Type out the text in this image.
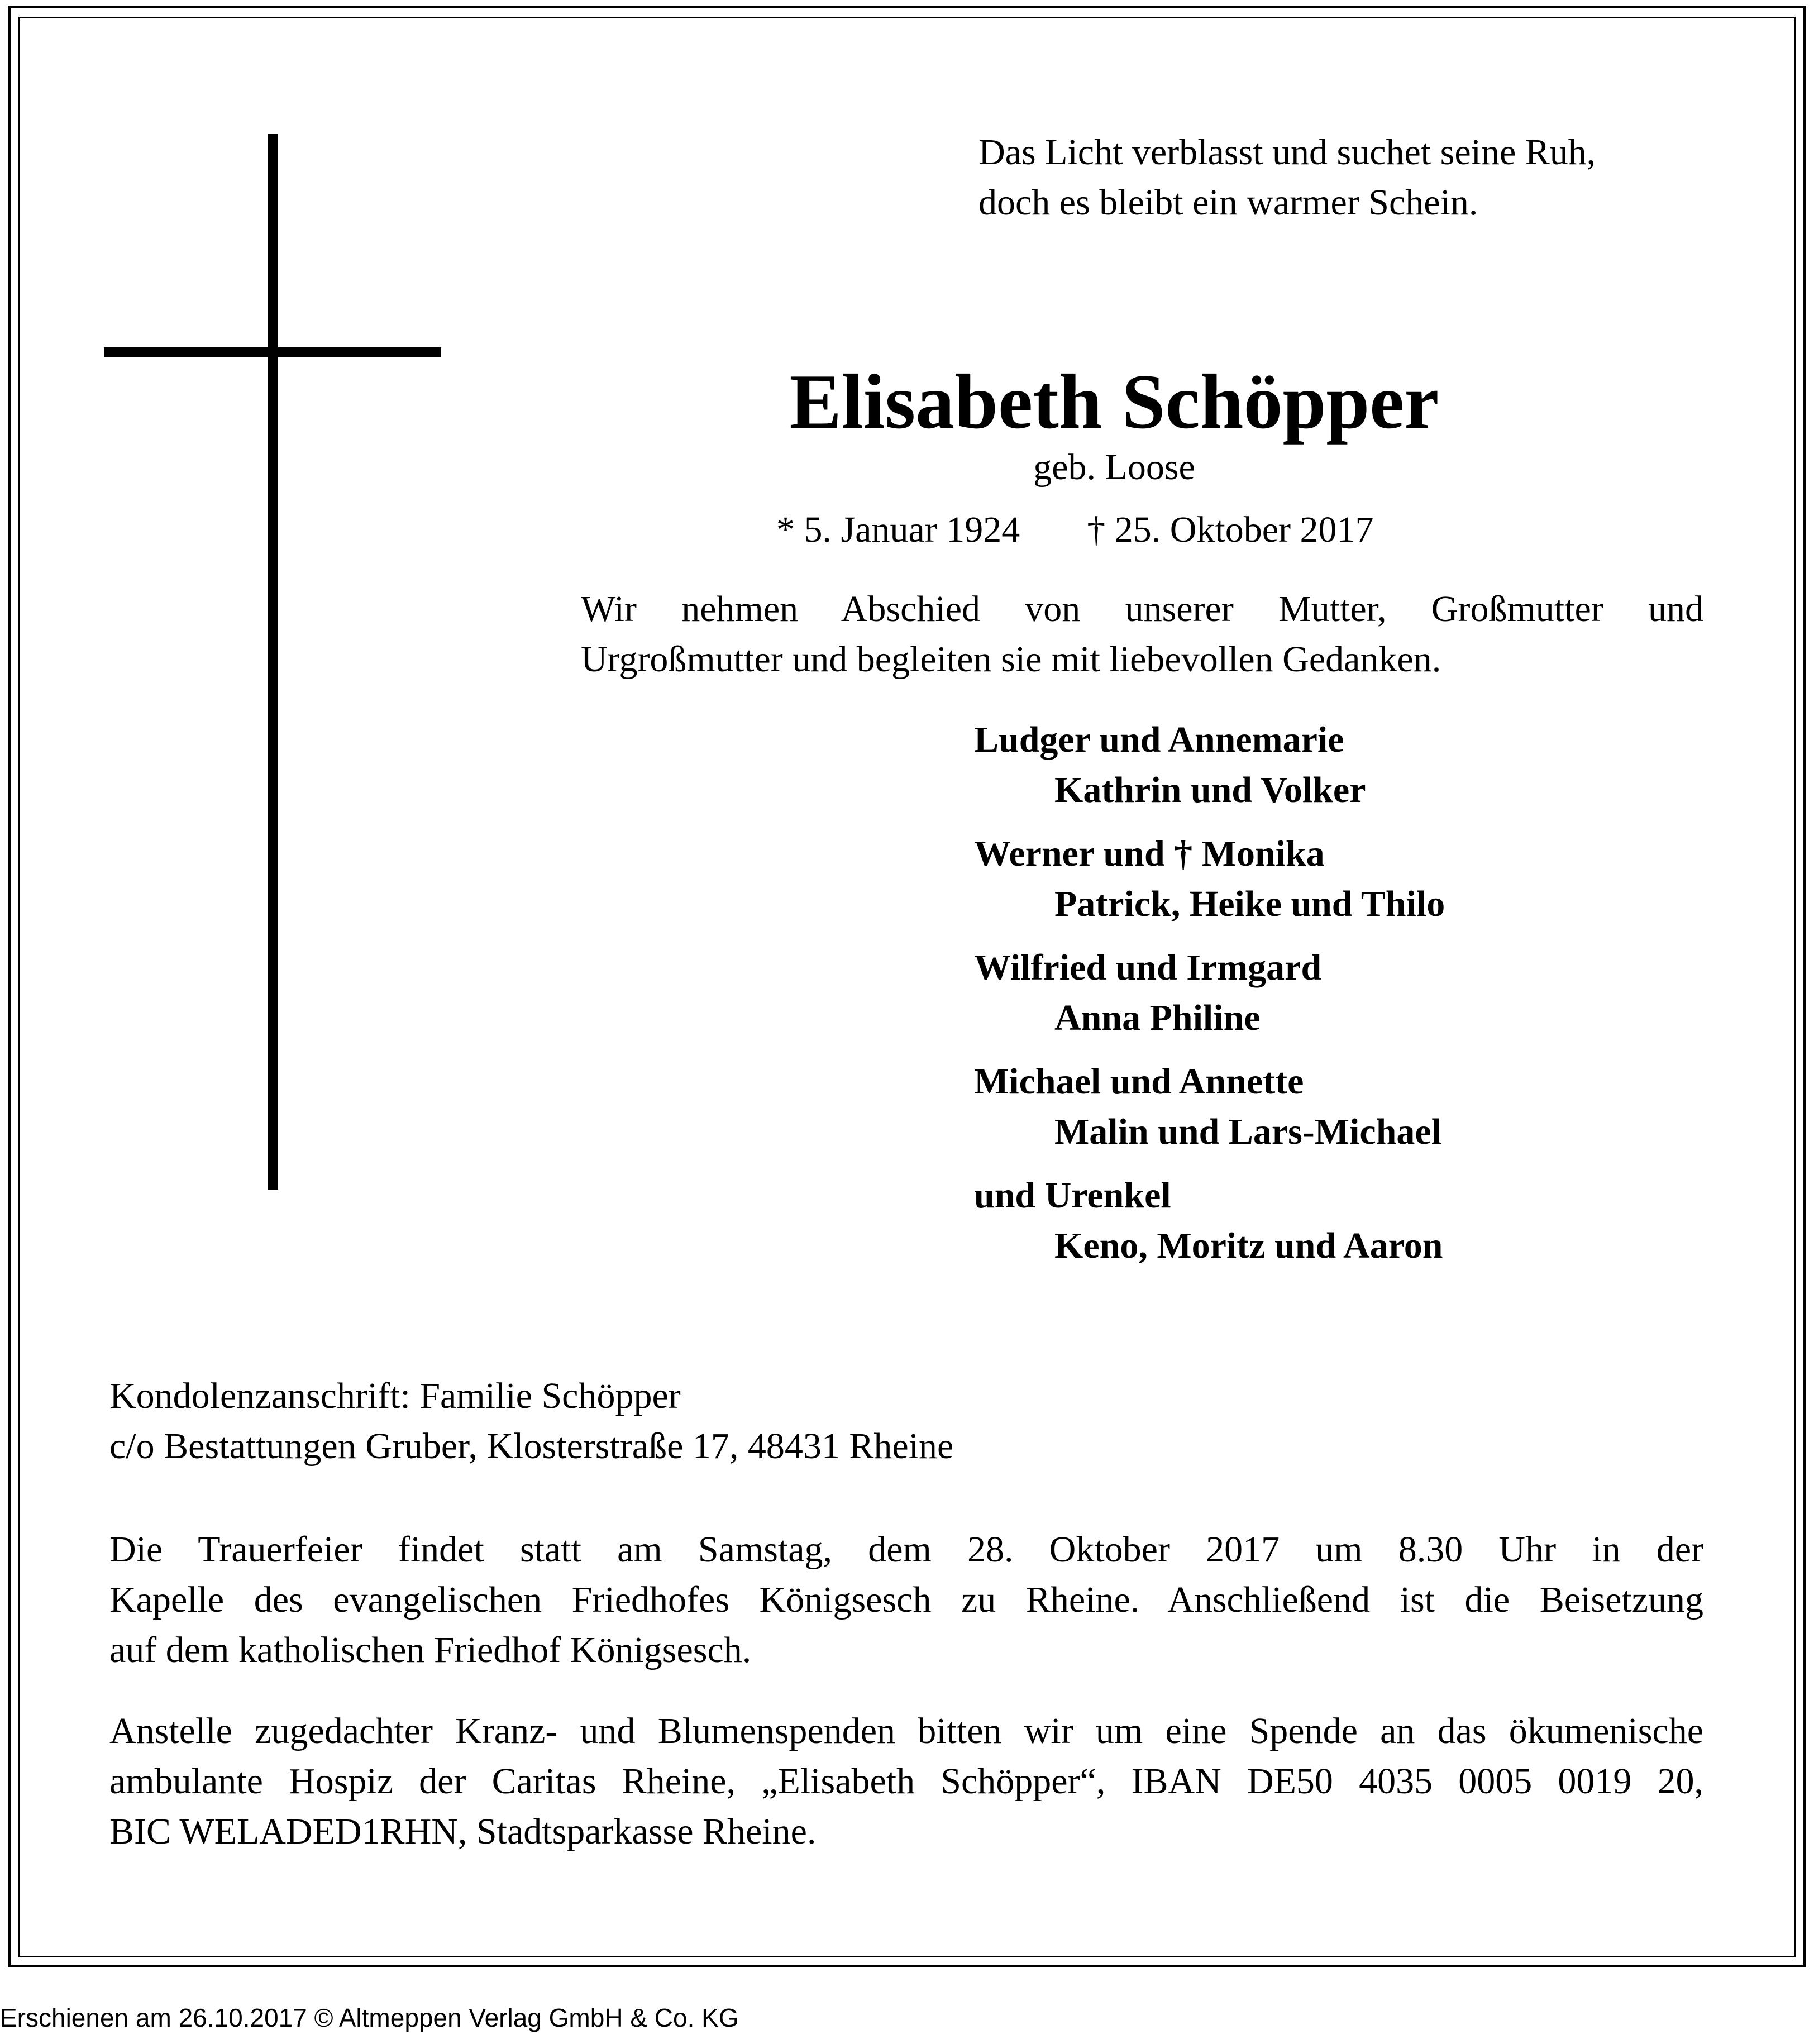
Das Licht verblasst und suchet seine Ruh,
doch es bleibt ein warmer Schein.
Elisabeth Schöpper
geb. Loose
* 5. Januar 1924 † 25. Oktober 2017
Wir nehmen Abschied von unserer Mutter, Großmutter und
Urgroßmutter und begleiten sie mit liebevollen Gedanken.
Ludger und Annemarie
Kathrin und Volker
Werner und † Monika
Patrick, Heike und Thilo
Wilfried und Irmgard
Anna Philine
Michael und Annette
Malin und Lars-Michael
und Urenkel
Keno, Moritz und Aaron
Kondolenzanschrift: Familie Schöpper
c/o Bestattungen Gruber, Klosterstraße 17, 48431 Rheine
Die Trauerfeier findet statt am Samstag, dem 28. Oktober 2017 um 8.30 Uhr in der
Kapelle des evangelischen Friedhofes Königsesch zu Rheine. Anschließend ist die Beisetzung
auf dem katholischen Friedhof Königsesch.
Anstelle zugedachter Kranz- und Blumenspenden bitten wir um eine Spende an das ökumenische
ambulante Hospiz der Caritas Rheine, „Elisabeth Schöpper“, IBAN DE50 4035 0005 0019 20,
BIC WELADED1RHN, Stadtsparkasse Rheine.
Erschienen am 26.10.2017 © Altmeppen Verlag GmbH & Co. KG
